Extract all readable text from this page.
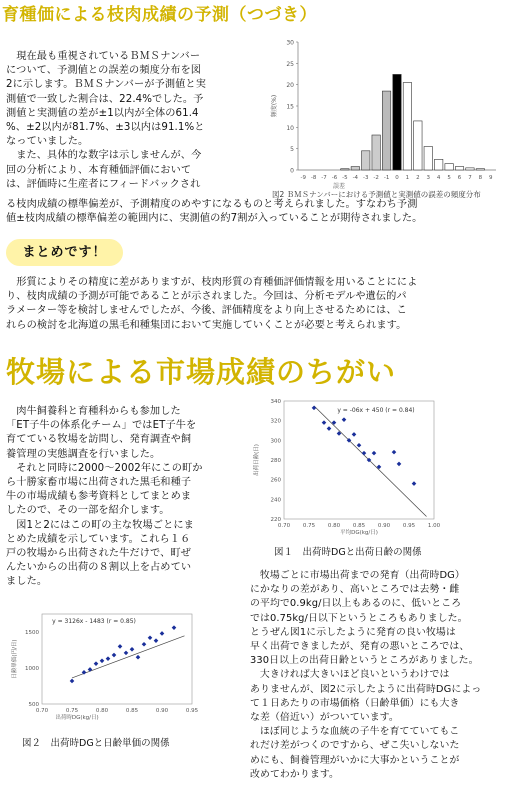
育種価による枝肉成績の予測（つづき）

現在最も重視されているＢＭＳナンバー

について、予測値との誤差の頻度分布を図

2に示します。ＢＭＳナンバーが予測値と実

測値で一致した割合は、22.4%でした。予

測値と実測値の差が±1以内が全体の61.4

%、±2以内が81.7%、±3以内は91.1%と

なっていました。

また、具体的な数字は示しませんが、今

回の分析により、本育種価評価において

は、評価時に生産者にフィードバックされ

30
25
20
15
10
5
0
頻度(%)
-9 -8 -7 -6 -5 -4 -3 -2 -1 0 1 2 3 4 5 6 7 8 9
誤差
図2 ＢＭＳナンバーにおける予測値と実測値の誤差の頻度分布

る枝肉成績の標準偏差が、予測精度のめやすになるものと考えられました。すなわち予測

値±枝肉成績の標準偏差の範囲内に、実測値の約7割が入っていることが期待されました。

まとめです！

形質によりその精度に差がありますが、枝肉形質の育種価評価情報を用いることにによ

り、枝肉成績の予測が可能であることが示されました。今回は、分析モデルや遺伝的パ

ラメーター等を検討しませんでしたが、今後、評価精度をより向上させるためには、こ

れらの検討を北海道の黒毛和種集団において実施していくことが必要と考えられます。

牧場による市場成績のちがい

肉牛飼養科と育種科からも参加した

「ET子牛の体系化チーム」ではET子牛を

育てている牧場を訪問し、発育調査や飼

養管理の実態調査を行いました。

それと同時に2000～2002年にこの町か

ら十勝家畜市場に出荷された黒毛和種子

牛の市場成績も参考資料としてまとめま

したので、その一部を紹介します。

図1と2にはこの町の主な牧場ごとにま

とめた成績を示しています。これら１６

戸の牧場から出荷された牛だけで、町ぜ

んたいからの出荷の８割以上を占めてい

ました。

340
320
300
280
260
240
220
0.70 0.75 0.80 0.85 0.90 0.95 1.00
y = -06x + 450 (r = 0.84)
出荷日齢(日)
平均DG(kg/日)
図１　出荷時DGと出荷日齢の関係

牧場ごとに市場出荷までの発育（出荷時DG）

にかなりの差があり、高いところでは去勢・雌

の平均で0.9kg/日以上もあるのに、低いところ

では0.75kg/日以下というところもありました。

とうぜん図1に示したように発育の良い牧場は

早く出荷できましたが、発育の悪いところでは、

330日以上の出荷日齢というところがありました。

大きければ大きいほど良いというわけでは

ありませんが、図2に示したように出荷時DGによっ

て１日あたりの市場価格（日齢単価）にも大き

な差（倍近い）がついています。

ほぼ同じような血統の子牛を育てていてもこ

れだけ差がつくのですから、ぜこ失いしないた

めにも、飼養管理がいかに大事かということが

改めてわかります。

1500
1000
500
0.70	0.75	0.80	0.85	0.90	0.95
y = 3126x - 1483 (r = 0.85)
日齢単価(円/日)
出荷時DG(kg/日)
図２　出荷時DGと日齢単価の関係
